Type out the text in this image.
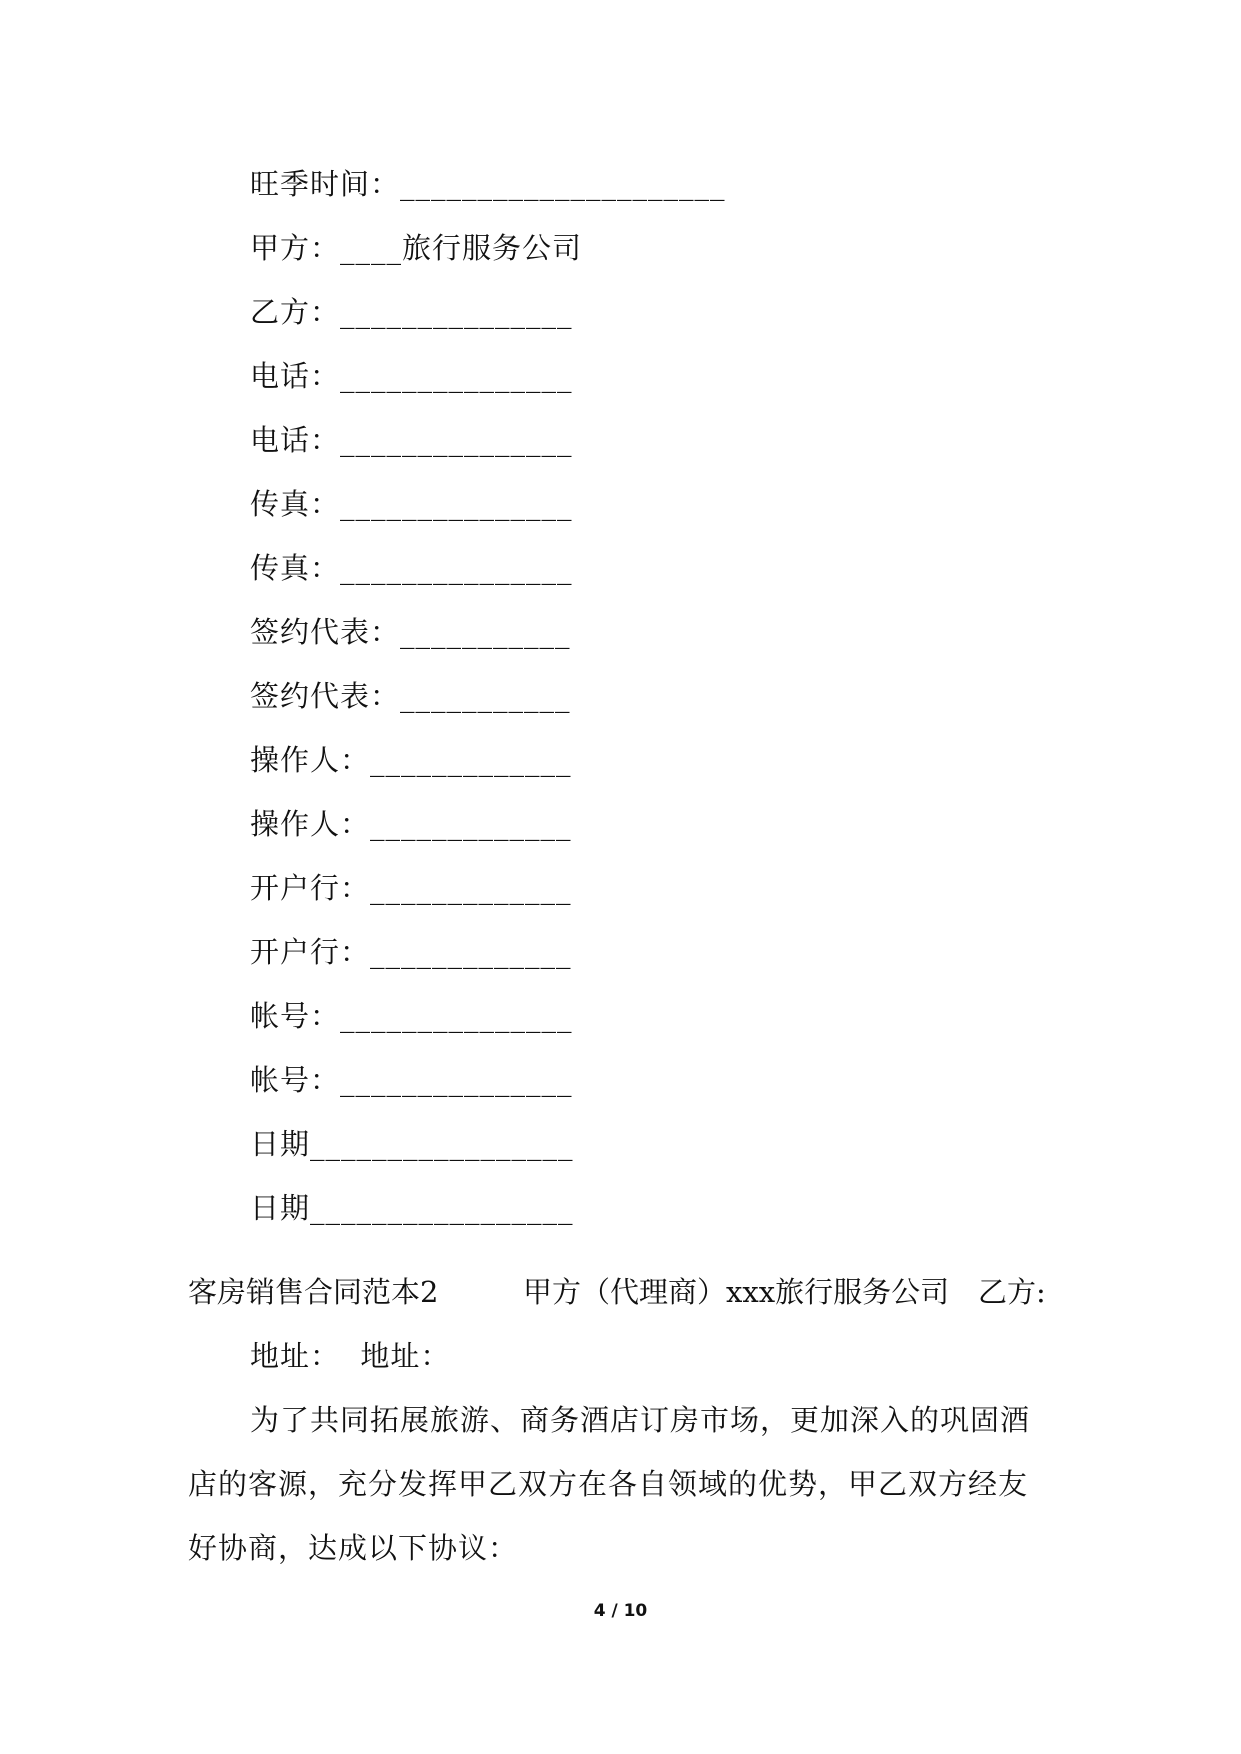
旺季时间：_____________________
甲方：____旅行服务公司
乙方：_______________
电话：_______________
电话：_______________
传真：_______________
传真：_______________
签约代表：___________
签约代表：___________
操作人：_____________
操作人：_____________
开户行：_____________
开户行：_____________
帐号：_______________
帐号：_______________
日期_________________
日期_________________

客房销售合同范本2

	甲方（代理商）xxx旅行服务公司

乙方:

地址：  地址：
为了共同拓展旅游、商务酒店订房市场，更加深入的巩固酒
店的客源，充分发挥甲乙双方在各自领域的优势，甲乙双方经友
好协商，达成以下协议：
4 / 10
